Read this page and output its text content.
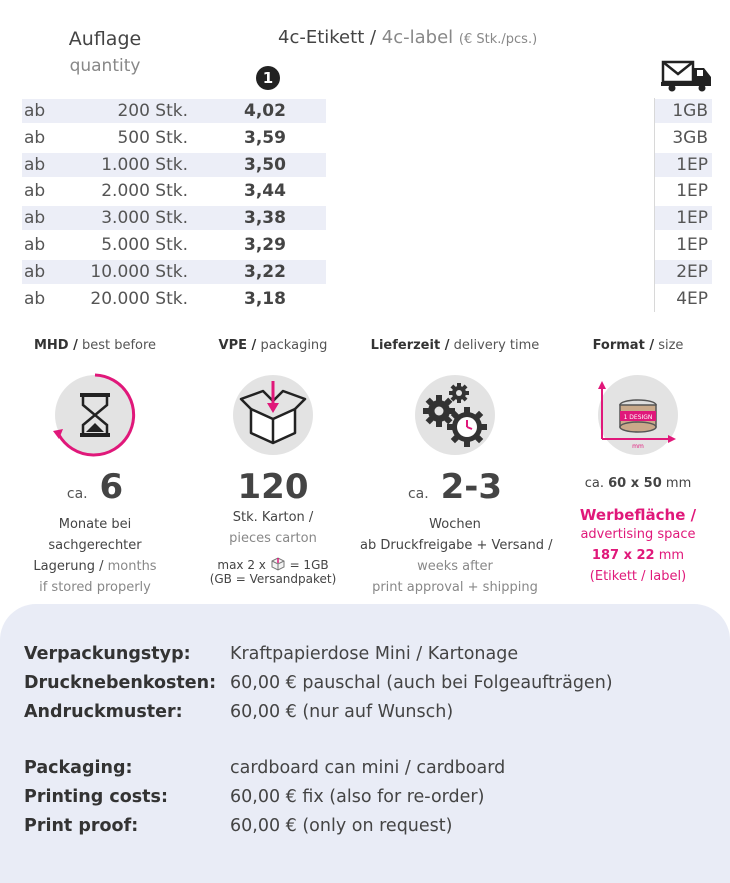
Auflage
quantity
4c-Etikett / 4c-label (€ Stk./pcs.)
1
ab	200 Stk.	4,02	1GB
ab	500 Stk.	3,59	3GB
ab	1.000 Stk.	3,50	1EP
ab	2.000 Stk.	3,44	1EP
ab	3.000 Stk.	3,38	1EP
ab	5.000 Stk.	3,29	1EP
ab	10.000 Stk.	3,22	2EP
ab	20.000 Stk.	3,18	4EP
MHD / best before
ca. 6
Monate bei
sachgerechter
Lagerung / months
if stored properly
VPE / packaging
120
Stk. Karton /
pieces carton
max 2 x = 1GB
(GB = Versandpaket)
Lieferzeit / delivery time
ca. 2-3
Wochen
ab Druckfreigabe + Versand /
weeks after
print approval + shipping
Format / size
1 DESIGN
mm
ca. 60 x 50 mm
Werbefläche /
advertising space
187 x 22 mm
(Etikett / label)
Verpackungstyp: Kraftpapierdose Mini / Kartonage
Drucknebenkosten: 60,00 € pauschal (auch bei Folgeaufträgen)
Andruckmuster:	60,00 € (nur auf Wunsch)
Packaging:	cardboard can mini / cardboard
Printing costs:	60,00 € fix (also for re-order)
Print proof:	60,00 € (only on request)
